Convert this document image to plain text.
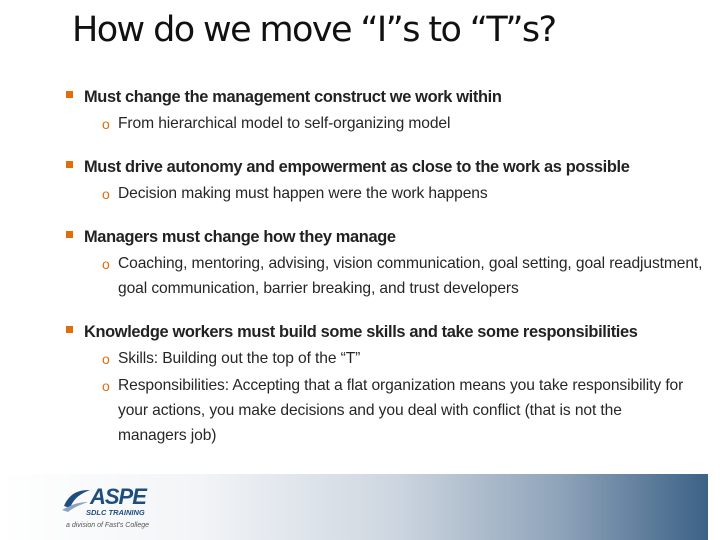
How do we move “I”s to “T”s?
Must change the management construct we work within
o From hierarchical model to self-organizing model
Must drive autonomy and empowerment as close to the work as possible
o Decision making must happen were the work happens
Managers must change how they manage
o Coaching, mentoring, advising, vision communication, goal setting, goal readjustment, goal communication, barrier breaking, and trust developers
Knowledge workers must build some skills and take some responsibilities
o Skills: Building out the top of the “T”
o Responsibilities: Accepting that a flat organization means you take responsibility for your actions, you make decisions and you deal with conflict (that is not the managers job)
ASPE
SDLC TRAINING
a division of Fast's College
